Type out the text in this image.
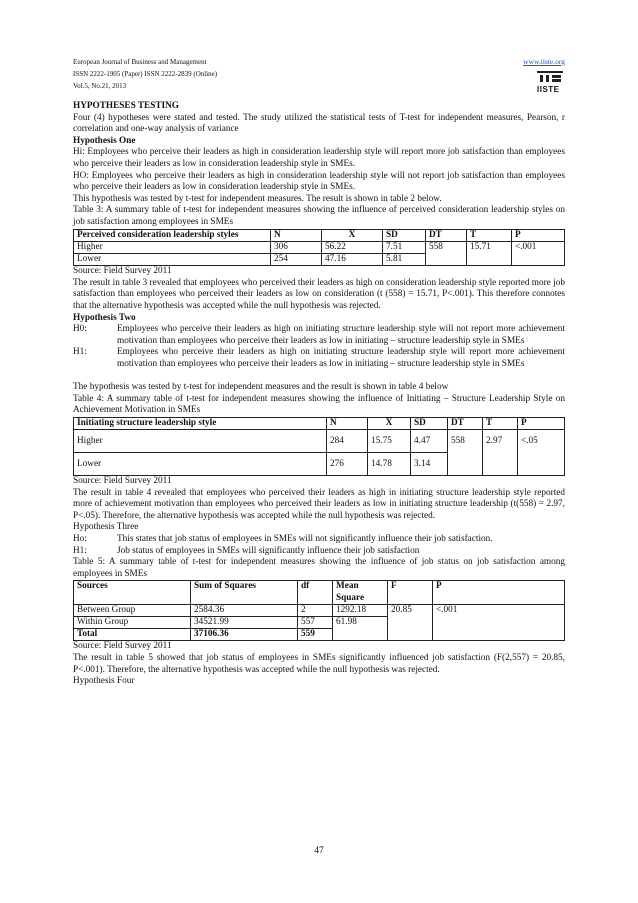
European Journal of Business and Management
ISSN 2222-1905 (Paper) ISSN 2222-2839 (Online)
Vol.5, No.21, 2013
www.iiste.org
IISTE

HYPOTHESES TESTING

Four (4) hypotheses were stated and tested. The study utilized the statistical tests of T-test for independent measures, Pearson, r correlation and one-way analysis of variance

Hypothesis One

Hi: Employees who perceive their leaders as high in consideration leadership style will report more job satisfaction than employees who perceive their leaders as low in consideration leadership style in SMEs.

HO: Employees who perceive their leaders as high in consideration leadership style will not report job satisfaction than employees who perceive their leaders as low in consideration leadership style in SMEs.

This hypothesis was tested by t-test for independent measures. The result is shown in table 2 below.

Table 3: A summary table of t-test for independent measures showing the influence of perceived consideration leadership styles on job satisfaction among employees in SMEs

Perceived consideration leadership styles	N	$\overline{X}$	SD	DT	T	P
Higher	306	56.22	7.51	558	15.71	<.001
Lower	254	47.16	5.81			

Source: Field Survey 2011

The result in table 3 revealed that employees who perceived their leaders as high on consideration leadership style reported more job satisfaction than employees who perceived their leaders as low on consideration (t (558) = 15.71, P<.001). This therefore connotes that the alternative hypothesis was accepted while the null hypothesis was rejected.

Hypothesis Two

H0:	Employees who perceive their leaders as high on initiating structure leadership style will not report more achievement motivation than employees who perceive their leaders as low in initiating – structure leadership style in SMEs
H1:	Employees who perceive their leaders as high on initiating structure leadership style will report more achievement motivation than employees who perceive their leaders as low in initiating – structure leadership style in SMEs

The hypothesis was tested by t-test for independent measures and the result is shown in table 4 below

Table 4: A summary table of t-test for independent measures showing the influence of Initiating – Structure Leadership Style on Achievement Motivation in SMEs

Initiating structure leadership style	N	$\overline{X}$	SD	DT	T	P
Higher	284	15.75	4.47	558	2.97	<.05
Lower	276	14.78	3.14			

Source: Field Survey 2011

The result in table 4 revealed that employees who perceived their leaders as high in initiating structure leadership style reported more of achievement motivation than employees who perceived their leaders as low in initiating structure leadership (t(558) = 2.97, P<.05). Therefore, the alternative hypothesis was accepted while the null hypothesis was rejected.

Hypothesis Three

Ho:	This states that job status of employees in SMEs will not significantly influence their job satisfaction.
H1:	Job status of employees in SMEs will significantly influence their job satisfaction

Table 5: A summary table of t-test for independent measures showing the influence of job status on job satisfaction among employees in SMEs

Sources	Sum of Squares	df	Mean Square	F	P
Between Group	2584.36	2	1292.18	20.85	<.001
Within Group	34521.99	557	61.98		
Total	37106.36	559			

Source: Field Survey 2011

The result in table 5 showed that job status of employees in SMEs significantly influenced job satisfaction (F(2,557) = 20.85, P<.001). Therefore, the alternative hypothesis was accepted while the null hypothesis was rejected.

Hypothesis Four

47
